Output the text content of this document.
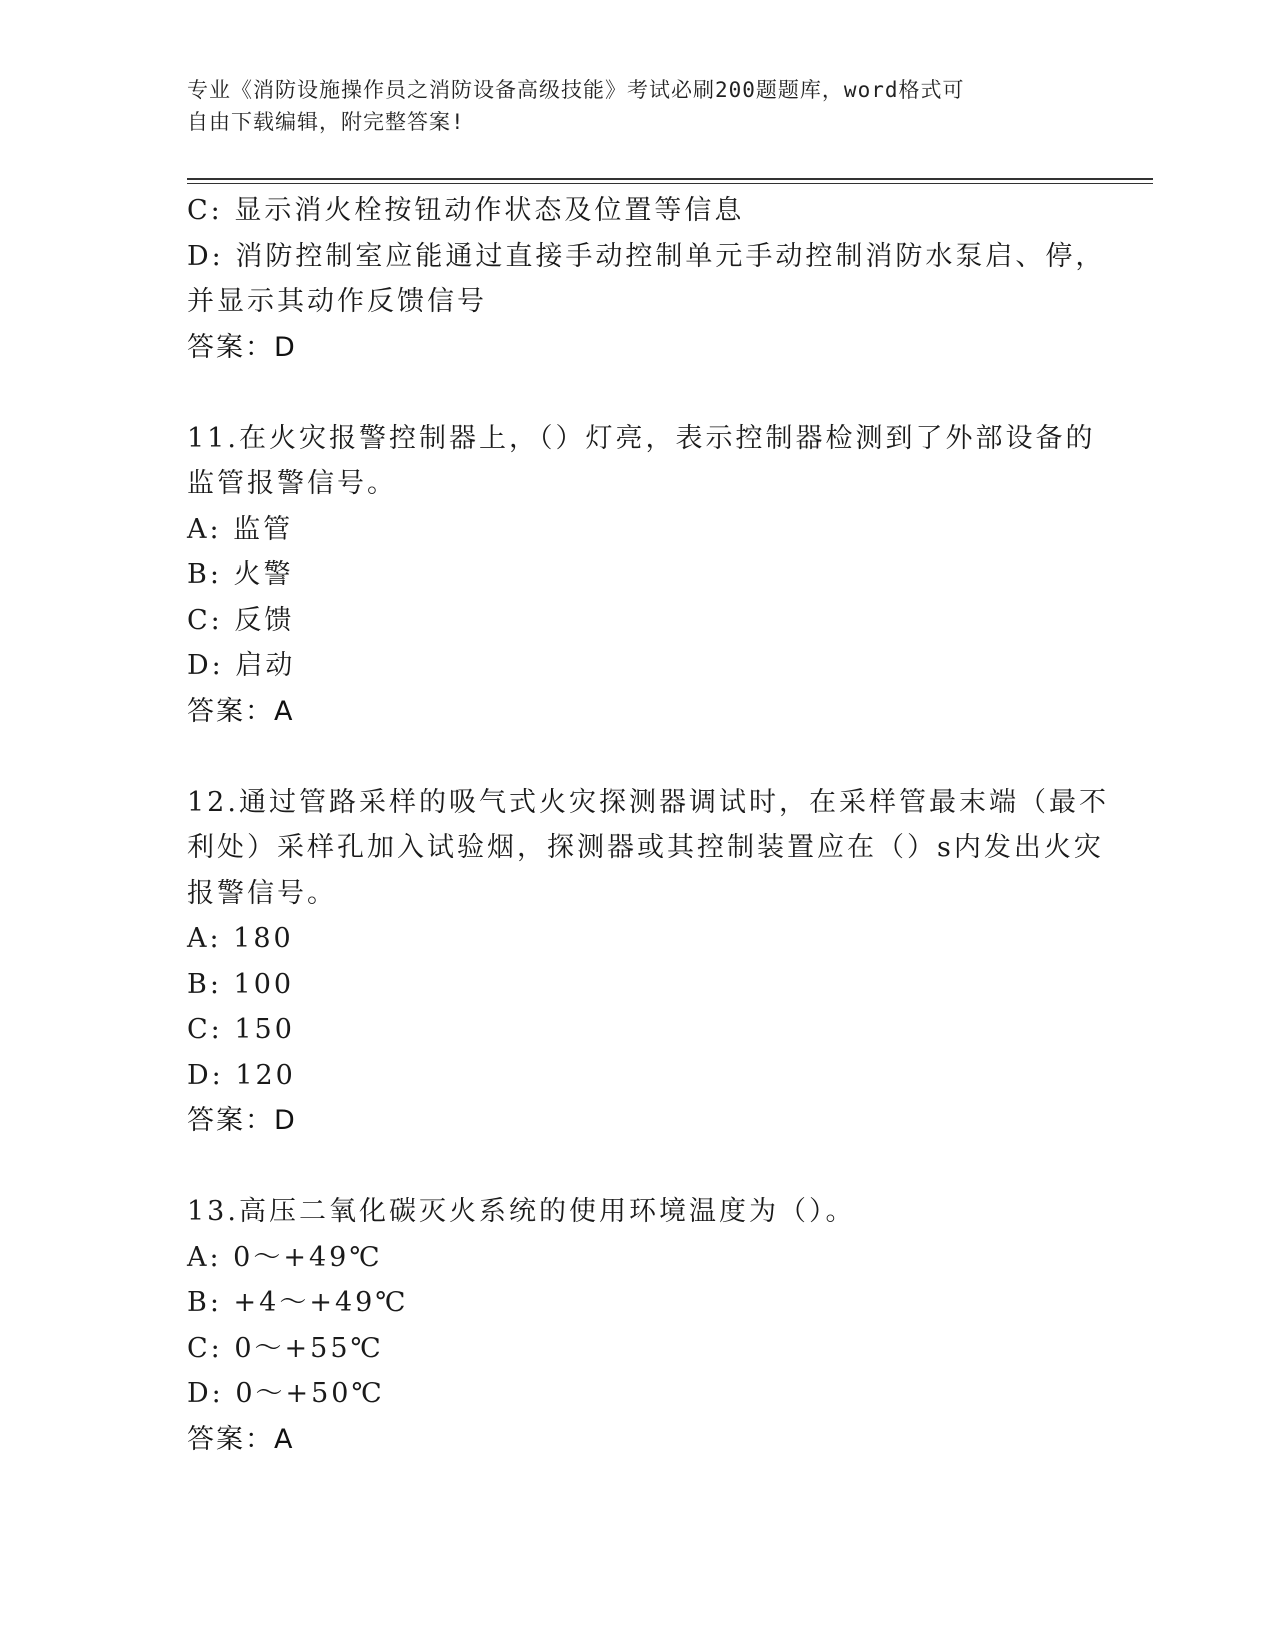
专业《消防设施操作员之消防设备高级技能》考试必刷200题题库，word格式可
自由下载编辑，附完整答案!
C: 显示消火栓按钮动作状态及位置等信息
D: 消防控制室应能通过直接手动控制单元手动控制消防水泵启、停，
并显示其动作反馈信号
答案：D
11.在火灾报警控制器上，（）灯亮，表示控制器检测到了外部设备的
监管报警信号。
A: 监管
B: 火警
C: 反馈
D: 启动
答案：A
12.通过管路采样的吸气式火灾探测器调试时，在采样管最末端（最不
利处）采样孔加入试验烟，探测器或其控制装置应在（）s内发出火灾
报警信号。
A: 180
B: 100
C: 150
D: 120
答案：D
13.高压二氧化碳灭火系统的使用环境温度为（）。
A: 0～+49℃
B: +4～+49℃
C: 0～+55℃
D: 0～+50℃
答案：A
